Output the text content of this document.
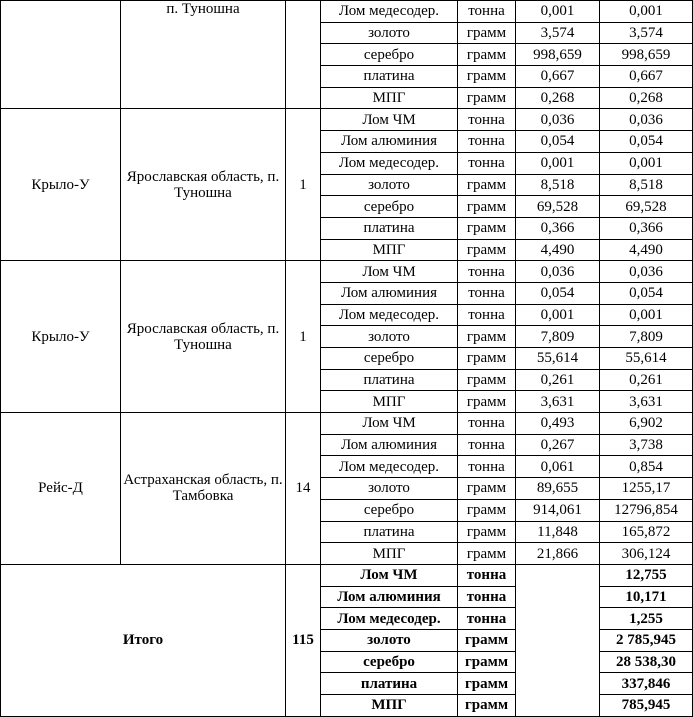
	п. Туношна		Лом медесодер.	тонна	0,001	0,001
			золото	грамм	3,574	3,574
			серебро	грамм	998,659	998,659
			платина	грамм	0,667	0,667
			МПГ	грамм	0,268	0,268
Крыло-У	Ярославская область, п. Туношна	1	Лом ЧМ	тонна	0,036	0,036
			Лом алюминия	тонна	0,054	0,054
			Лом медесодер.	тонна	0,001	0,001
			золото	грамм	8,518	8,518
			серебро	грамм	69,528	69,528
			платина	грамм	0,366	0,366
			МПГ	грамм	4,490	4,490
Крыло-У	Ярославская область, п. Туношна	1	Лом ЧМ	тонна	0,036	0,036
			Лом алюминия	тонна	0,054	0,054
			Лом медесодер.	тонна	0,001	0,001
			золото	грамм	7,809	7,809
			серебро	грамм	55,614	55,614
			платина	грамм	0,261	0,261
			МПГ	грамм	3,631	3,631
Рейс-Д	Астраханская область, п. Тамбовка	14	Лом ЧМ	тонна	0,493	6,902
			Лом алюминия	тонна	0,267	3,738
			Лом медесодер.	тонна	0,061	0,854
			золото	грамм	89,655	1255,17
			серебро	грамм	914,061	12796,854
			платина	грамм	11,848	165,872
			МПГ	грамм	21,866	306,124
Итого		115	Лом ЧМ	тонна		12,755
			Лом алюминия	тонна		10,171
			Лом медесодер.	тонна		1,255
			золото	грамм		2 785,945
			серебро	грамм		28 538,30
			платина	грамм		337,846
			МПГ	грамм		785,945
